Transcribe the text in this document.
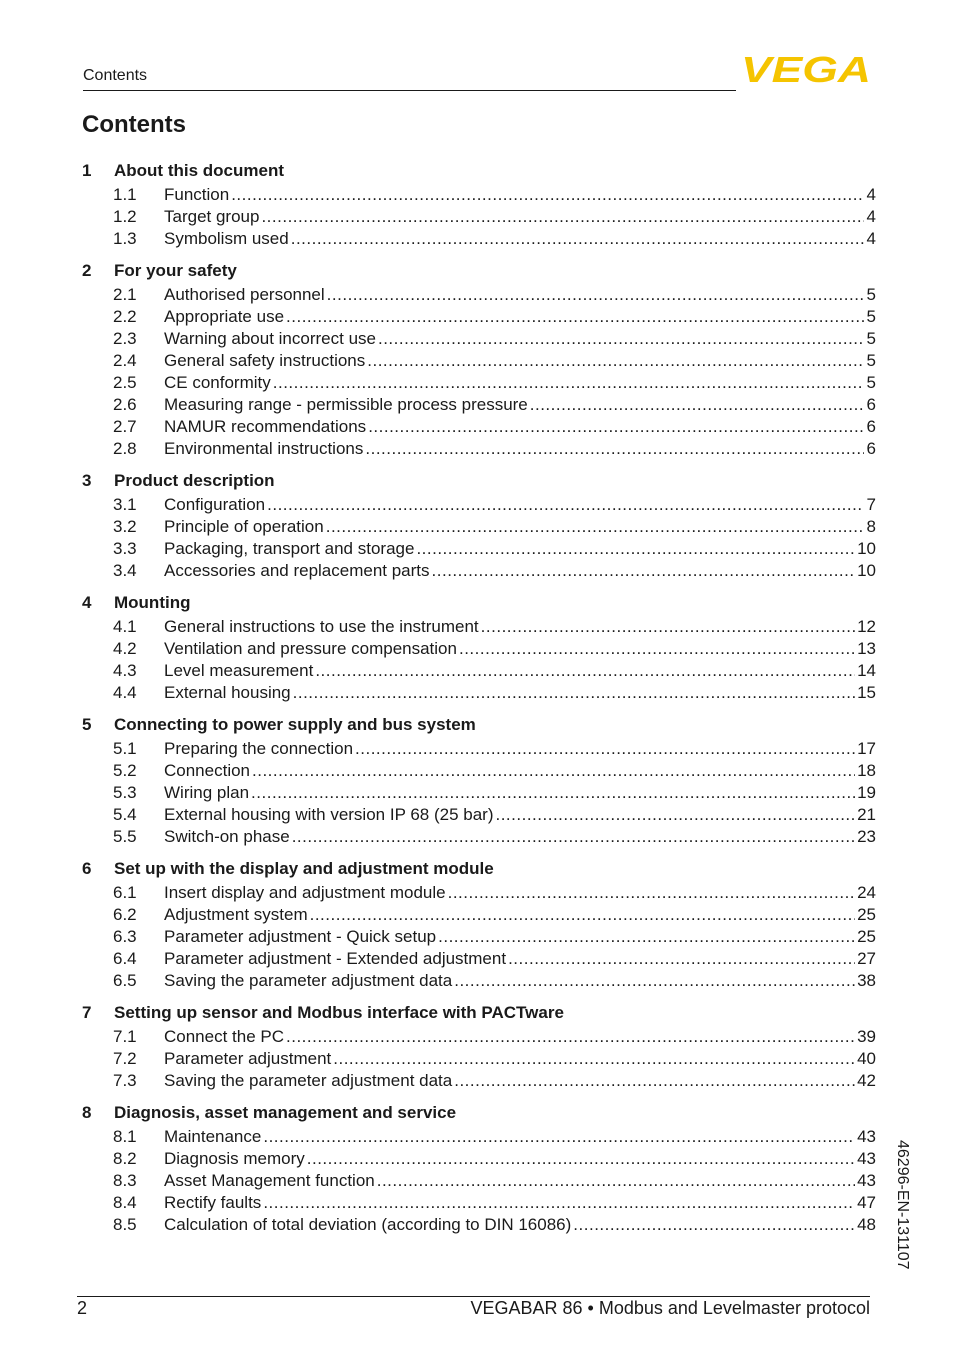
Contents	VEGA
Contents
1	About this document
1.1	Function .....	4
1.2	Target group .....	4
1.3	Symbolism used .....	4
2	For your safety
2.1	Authorised personnel .....	5
2.2	Appropriate use .....	5
2.3	Warning about incorrect use .....	5
2.4	General safety instructions .....	5
2.5	CE conformity .....	5
2.6	Measuring range - permissible process pressure .....	6
2.7	NAMUR recommendations .....	6
2.8	Environmental instructions .....	6
3	Product description
3.1	Configuration .....	7
3.2	Principle of operation .....	8
3.3	Packaging, transport and storage .....	10
3.4	Accessories and replacement parts .....	10
4	Mounting
4.1	General instructions to use the instrument .....	12
4.2	Ventilation and pressure compensation .....	13
4.3	Level measurement .....	14
4.4	External housing .....	15
5	Connecting to power supply and bus system
5.1	Preparing the connection .....	17
5.2	Connection .....	18
5.3	Wiring plan .....	19
5.4	External housing with version IP 68 (25 bar) .....	21
5.5	Switch-on phase .....	23
6	Set up with the display and adjustment module
6.1	Insert display and adjustment module .....	24
6.2	Adjustment system .....	25
6.3	Parameter adjustment - Quick setup .....	25
6.4	Parameter adjustment - Extended adjustment .....	27
6.5	Saving the parameter adjustment data .....	38
7	Setting up sensor and Modbus interface with PACTware
7.1	Connect the PC .....	39
7.2	Parameter adjustment .....	40
7.3	Saving the parameter adjustment data .....	42
8	Diagnosis, asset management and service
8.1	Maintenance .....	43
8.2	Diagnosis memory .....	43
8.3	Asset Management function .....	43
8.4	Rectify faults .....	47
8.5	Calculation of total deviation (according to DIN 16086) .....	48
2	VEGABAR 86 • Modbus and Levelmaster protocol
46296-EN-131107
